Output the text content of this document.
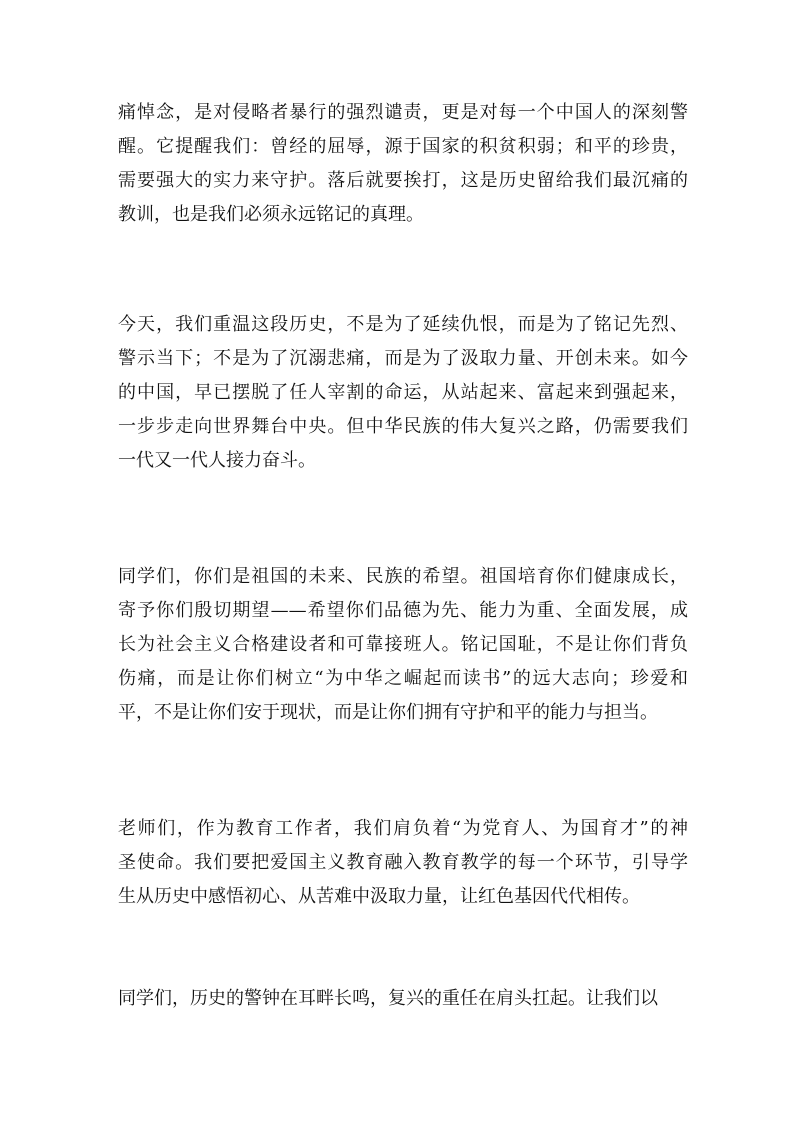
痛悼念，是对侵略者暴行的强烈谴责，更是对每一个中国人的深刻警
醒。它提醒我们：曾经的屈辱，源于国家的积贫积弱；和平的珍贵，
需要强大的实力来守护。落后就要挨打，这是历史留给我们最沉痛的
教训，也是我们必须永远铭记的真理。

今天，我们重温这段历史，不是为了延续仇恨，而是为了铭记先烈、
警示当下；不是为了沉溺悲痛，而是为了汲取力量、开创未来。如今
的中国，早已摆脱了任人宰割的命运，从站起来、富起来到强起来，
一步步走向世界舞台中央。但中华民族的伟大复兴之路，仍需要我们
一代又一代人接力奋斗。

同学们，你们是祖国的未来、民族的希望。祖国培育你们健康成长，
寄予你们殷切期望——希望你们品德为先、能力为重、全面发展，成
长为社会主义合格建设者和可靠接班人。铭记国耻，不是让你们背负
伤痛，而是让你们树立“为中华之崛起而读书”的远大志向；珍爱和
平，不是让你们安于现状，而是让你们拥有守护和平的能力与担当。

老师们，作为教育工作者，我们肩负着“为党育人、为国育才”的神
圣使命。我们要把爱国主义教育融入教育教学的每一个环节，引导学
生从历史中感悟初心、从苦难中汲取力量，让红色基因代代相传。

同学们，历史的警钟在耳畔长鸣，复兴的重任在肩头扛起。让我们以
